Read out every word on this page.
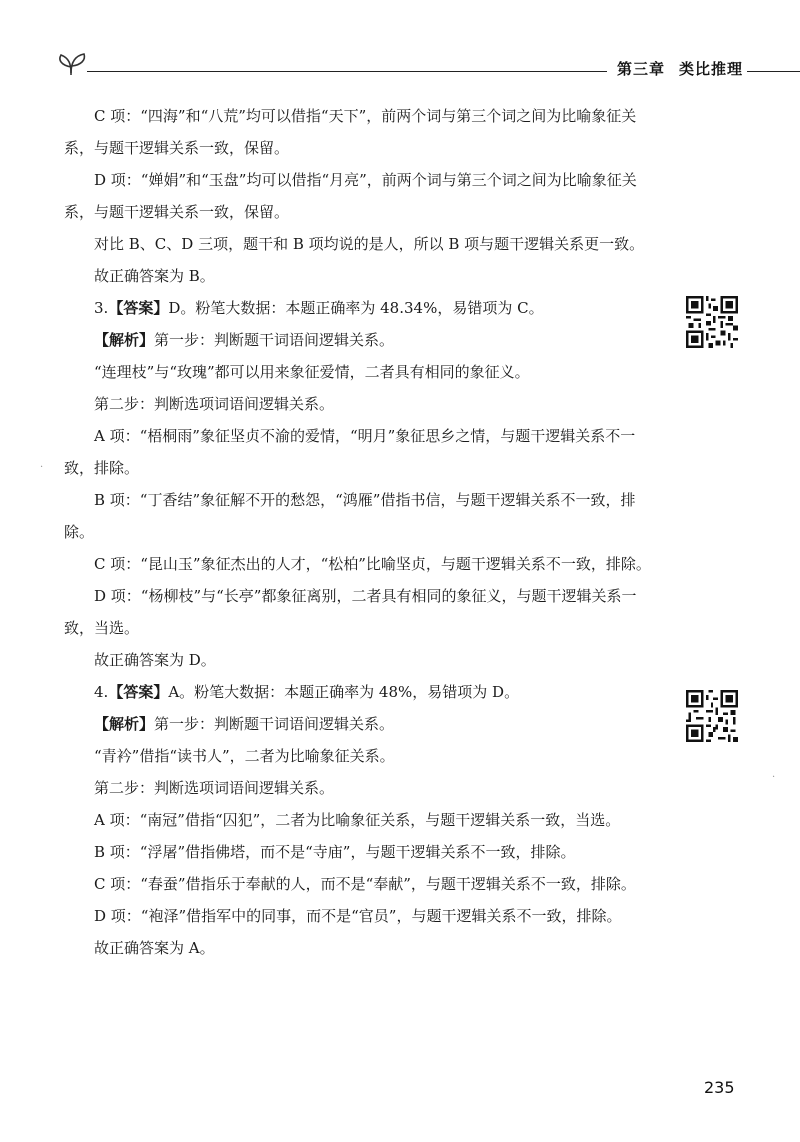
第三章 类比推理

C 项：“四海”和“八荒”均可以借指“天下”，前两个词与第三个词之间为比喻象征关系，与题干逻辑关系一致，保留。

D 项：“婵娟”和“玉盘”均可以借指“月亮”，前两个词与第三个词之间为比喻象征关系，与题干逻辑关系一致，保留。

对比 B、C、D 三项，题干和 B 项均说的是人，所以 B 项与题干逻辑关系更一致。

故正确答案为 B。

3.【答案】D。粉笔大数据：本题正确率为 48.34%，易错项为 C。

【解析】第一步：判断题干词语间逻辑关系。

“连理枝”与“玫瑰”都可以用来象征爱情，二者具有相同的象征义。

第二步：判断选项词语间逻辑关系。

A 项：“梧桐雨”象征坚贞不渝的爱情，“明月”象征思乡之情，与题干逻辑关系不一致，排除。

B 项：“丁香结”象征解不开的愁怨，“鸿雁”借指书信，与题干逻辑关系不一致，排除。

C 项：“昆山玉”象征杰出的人才，“松柏”比喻坚贞，与题干逻辑关系不一致，排除。

D 项：“杨柳枝”与“长亭”都象征离别，二者具有相同的象征义，与题干逻辑关系一致，当选。

故正确答案为 D。

4.【答案】A。粉笔大数据：本题正确率为 48%，易错项为 D。

【解析】第一步：判断题干词语间逻辑关系。

“青衿”借指“读书人”，二者为比喻象征关系。

第二步：判断选项词语间逻辑关系。

A 项：“南冠”借指“囚犯”，二者为比喻象征关系，与题干逻辑关系一致，当选。

B 项：“浮屠”借指佛塔，而不是“寺庙”，与题干逻辑关系不一致，排除。

C 项：“春蚕”借指乐于奉献的人，而不是“奉献”，与题干逻辑关系不一致，排除。

D 项：“袍泽”借指军中的同事，而不是“官员”，与题干逻辑关系不一致，排除。

故正确答案为 A。

·
·
235
